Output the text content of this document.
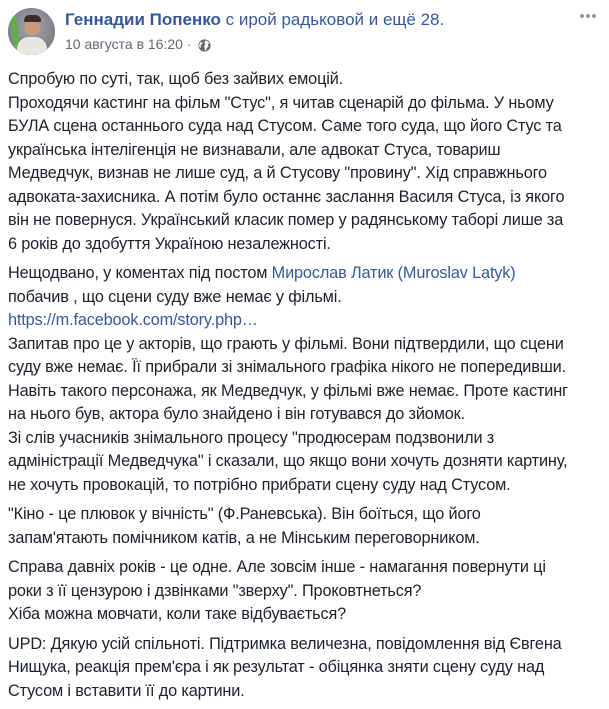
Геннадии Попенко с ирой радьковой и ещё 28.
10 августа в 16:20 ·

Спробую по суті, так, щоб без зайвих емоцій.
Проходячи кастинг на фільм "Стус", я читав сценарій до фільма. У ньому
БУЛА сцена останнього суда над Стусом. Саме того суда, що його Стус та
українська інтелігенція не визнавали, але адвокат Стуса, товариш
Медведчук, визнав не лише суд, а й Стусову "провину". Хід справжнього
адвоката-захисника. А потім було останнє заслання Василя Стуса, із якого
він не повернуся. Український класик помер у радянському таборі лише за
6 років до здобуття Україною незалежності.

Нещодвано, у коментах під постом Мирослав Латик (Muroslav Latyk)
побачив , що сцени суду вже немає у фільмі.
https://m.facebook.com/story.php…
Запитав про це у акторів, що грають у фільмі. Вони підтвердили, що сцени
суду вже немає. Її прибрали зі знімального графіка нікого не попередивши.
Навіть такого персонажа, як Медведчук, у фільмі вже немає. Проте кастинг
на нього був, актора було знайдено і він готувався до зйомок.
Зі слів учасників знімального процесу "продюсерам подзвонили з
адміністрації Медведчука" і сказали, що якщо вони хочуть дозняти картину,
не хочуть провокацій, то потрібно прибрати сцену суду над Стусом.

"Кіно - це плювок у вічність" (Ф.Раневська). Він боїться, що його
запам'ятають помічником катів, а не Мінським переговорником.

Справа давніх років - це одне. Але зовсім інше - намагання повернути ці
роки з її цензурою і дзвінками "зверху". Проковтнеться?
Хіба можна мовчати, коли таке відбувається?

UPD: Дякую усій спільноті. Підтримка величезна, повідомлення від Євгена
Нищука, реакція прем'єра і як результат - обіцянка зняти сцену суду над
Стусом і вставити її до картини.
